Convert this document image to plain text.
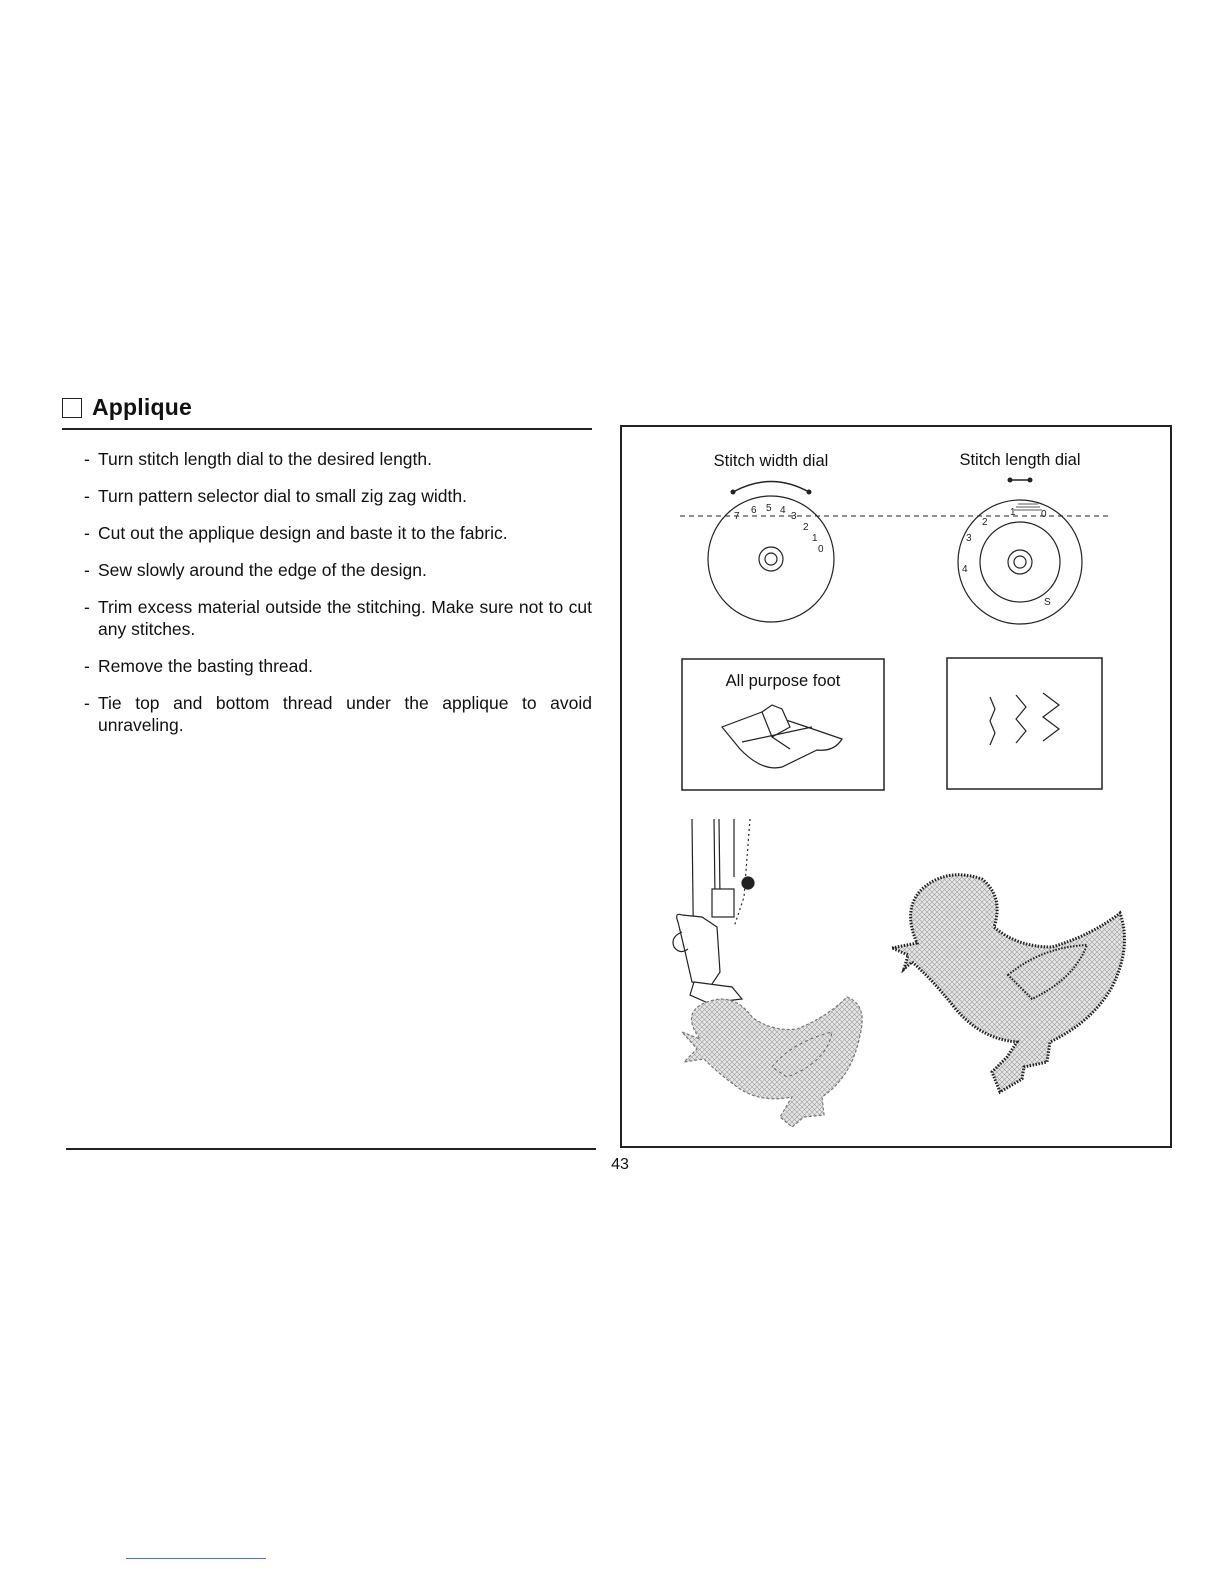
Applique
- Turn stitch length dial to the desired length.
- Turn pattern selector dial to small zig zag width.
- Cut out the applique design and baste it to the fabric.
- Sew slowly around the edge of the design.
- Trim excess material outside the stitching. Make sure not to cut any stitches.
- Remove the basting thread.
- Tie top and bottom thread under the applique to avoid unraveling.
Stitch width dial	Stitch length dial
7
6 5 4
3
2
1
0
1	0
2
3
4
S
All purpose foot
43
